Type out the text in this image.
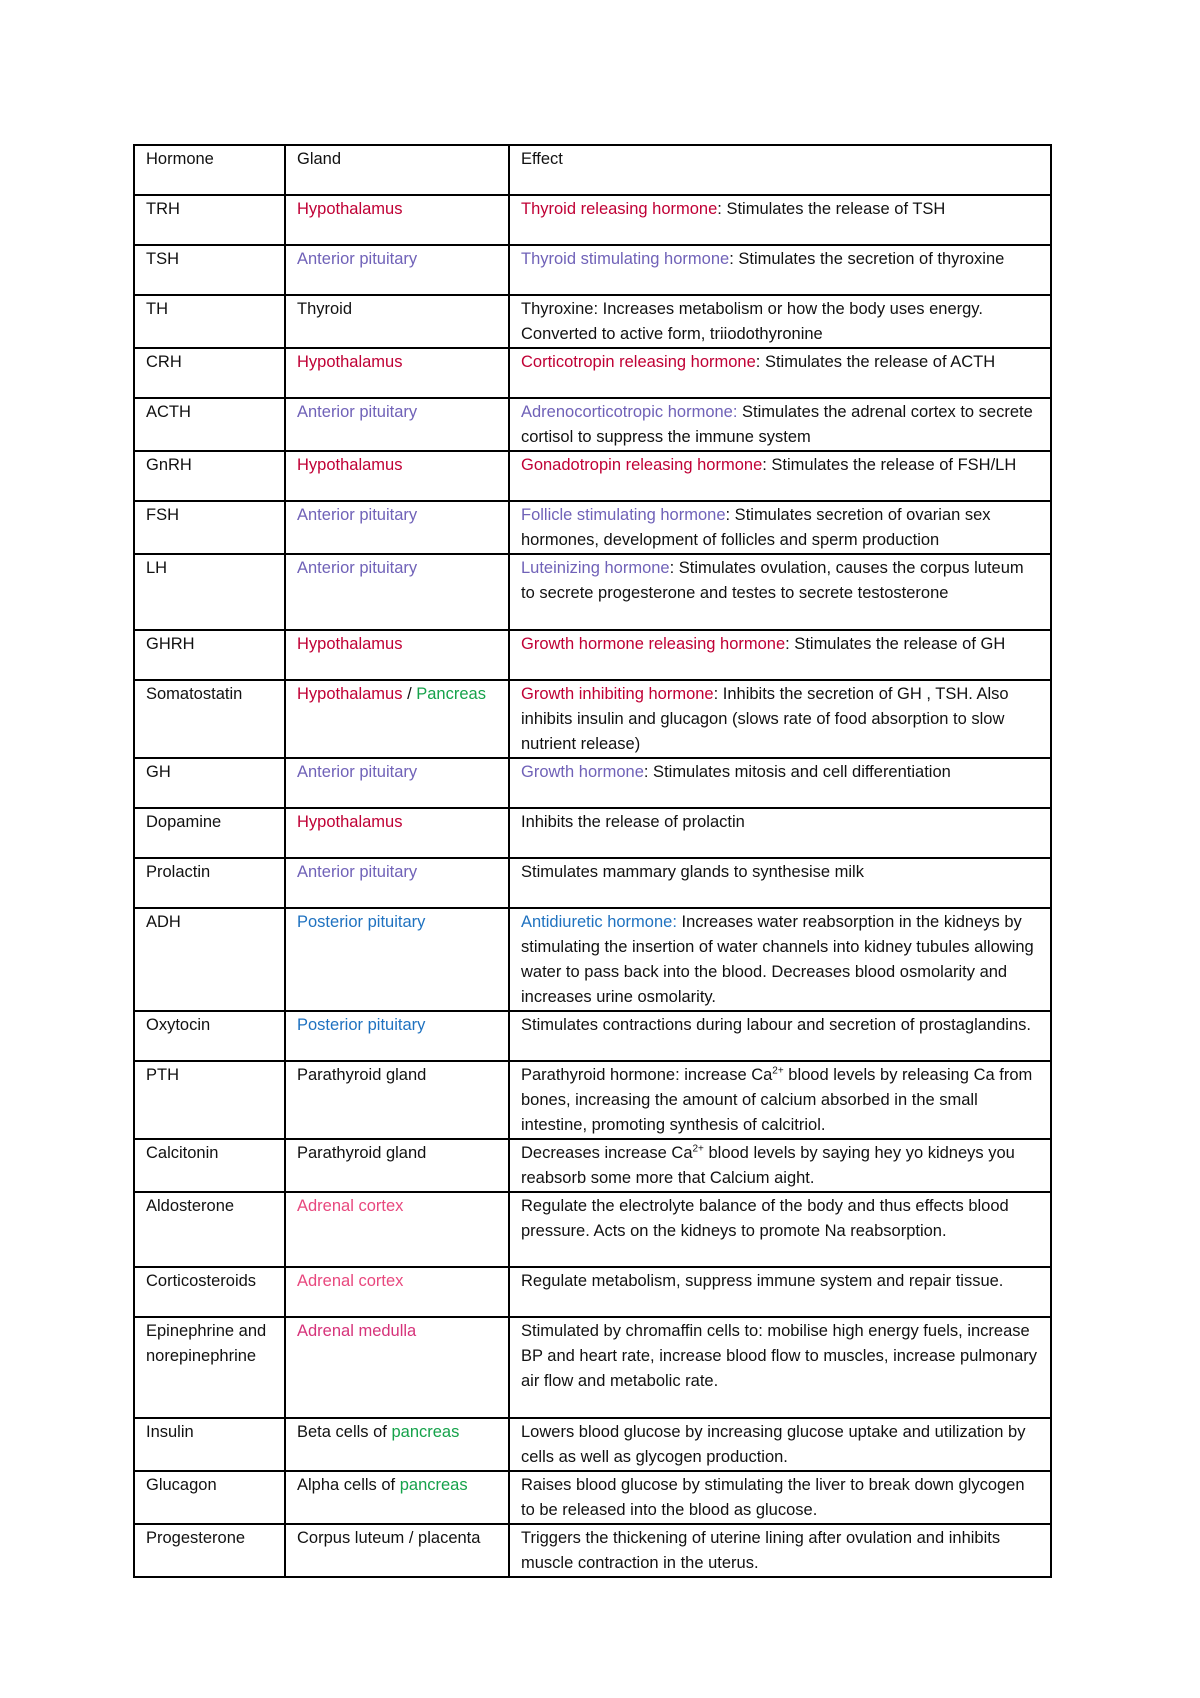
Hormone	Gland	Effect
TRH	Hypothalamus	Thyroid releasing hormone: Stimulates the release of TSH
TSH	Anterior pituitary	Thyroid stimulating hormone: Stimulates the secretion of thyroxine
TH	Thyroid	Thyroxine: Increases metabolism or how the body uses energy. Converted to active form, triiodothyronine
CRH	Hypothalamus	Corticotropin releasing hormone: Stimulates the release of ACTH
ACTH	Anterior pituitary	Adrenocorticotropic hormone: Stimulates the adrenal cortex to secrete cortisol to suppress the immune system
GnRH	Hypothalamus	Gonadotropin releasing hormone: Stimulates the release of FSH/LH
FSH	Anterior pituitary	Follicle stimulating hormone: Stimulates secretion of ovarian sex hormones, development of follicles and sperm production
LH	Anterior pituitary	Luteinizing hormone: Stimulates ovulation, causes the corpus luteum to secrete progesterone and testes to secrete testosterone
GHRH	Hypothalamus	Growth hormone releasing hormone: Stimulates the release of GH
Somatostatin	Hypothalamus / Pancreas	Growth inhibiting hormone: Inhibits the secretion of GH , TSH. Also inhibits insulin and glucagon (slows rate of food absorption to slow nutrient release)
GH	Anterior pituitary	Growth hormone: Stimulates mitosis and cell differentiation
Dopamine	Hypothalamus	Inhibits the release of prolactin
Prolactin	Anterior pituitary	Stimulates mammary glands to synthesise milk
ADH	Posterior pituitary	Antidiuretic hormone: Increases water reabsorption in the kidneys by stimulating the insertion of water channels into kidney tubules allowing water to pass back into the blood. Decreases blood osmolarity and increases urine osmolarity.
Oxytocin	Posterior pituitary	Stimulates contractions during labour and secretion of prostaglandins.
PTH	Parathyroid gland	Parathyroid hormone: increase $Ca^{2+}$ blood levels by releasing Ca from bones, increasing the amount of calcium absorbed in the small intestine, promoting synthesis of calcitriol.
Calcitonin	Parathyroid gland	Decreases increase $Ca^{2+}$ blood levels by saying hey yo kidneys you reabsorb some more that Calcium aight.
Aldosterone	Adrenal cortex	Regulate the electrolyte balance of the body and thus effects blood pressure. Acts on the kidneys to promote Na reabsorption.
Corticosteroids	Adrenal cortex	Regulate metabolism, suppress immune system and repair tissue.
Epinephrine and norepinephrine	Adrenal medulla	Stimulated by chromaffin cells to: mobilise high energy fuels, increase BP and heart rate, increase blood flow to muscles, increase pulmonary air flow and metabolic rate.
Insulin	Beta cells of pancreas	Lowers blood glucose by increasing glucose uptake and utilization by cells as well as glycogen production.
Glucagon	Alpha cells of pancreas	Raises blood glucose by stimulating the liver to break down glycogen to be released into the blood as glucose.
Progesterone	Corpus luteum / placenta	Triggers the thickening of uterine lining after ovulation and inhibits muscle contraction in the uterus.
